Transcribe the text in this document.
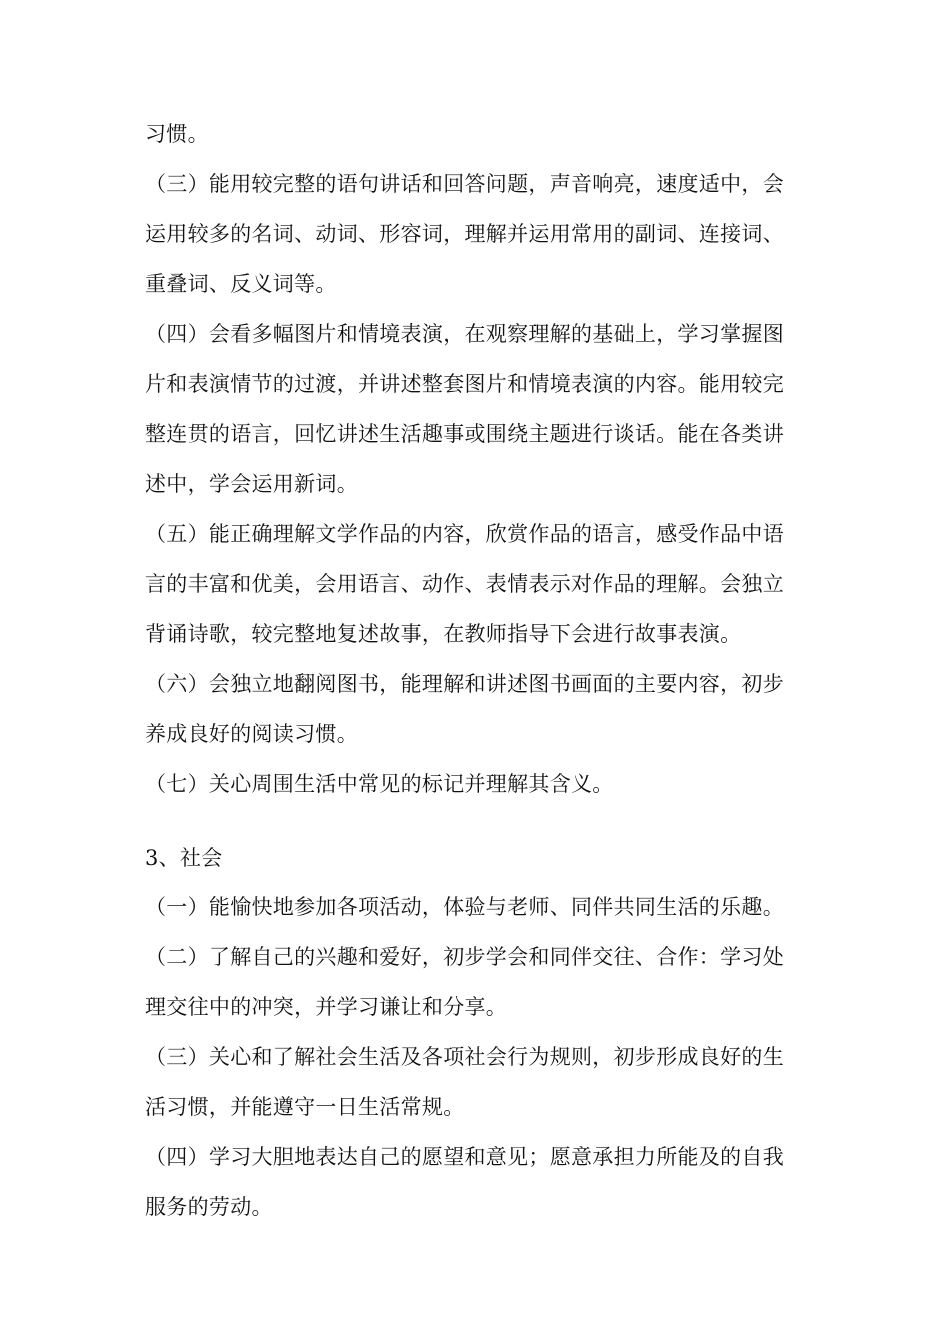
习惯。
（三）能用较完整的语句讲话和回答问题，声音响亮，速度适中，会
运用较多的名词、动词、形容词，理解并运用常用的副词、连接词、
重叠词、反义词等。
（四）会看多幅图片和情境表演，在观察理解的基础上，学习掌握图
片和表演情节的过渡，并讲述整套图片和情境表演的内容。能用较完
整连贯的语言，回忆讲述生活趣事或围绕主题进行谈话。能在各类讲
述中，学会运用新词。
（五）能正确理解文学作品的内容，欣赏作品的语言，感受作品中语
言的丰富和优美，会用语言、动作、表情表示对作品的理解。会独立
背诵诗歌，较完整地复述故事，在教师指导下会进行故事表演。
（六）会独立地翻阅图书，能理解和讲述图书画面的主要内容，初步
养成良好的阅读习惯。
（七）关心周围生活中常见的标记并理解其含义。
3、社会
（一）能愉快地参加各项活动，体验与老师、同伴共同生活的乐趣。
（二）了解自己的兴趣和爱好，初步学会和同伴交往、合作：学习处
理交往中的冲突，并学习谦让和分享。
（三）关心和了解社会生活及各项社会行为规则，初步形成良好的生
活习惯，并能遵守一日生活常规。
（四）学习大胆地表达自己的愿望和意见；愿意承担力所能及的自我
服务的劳动。
